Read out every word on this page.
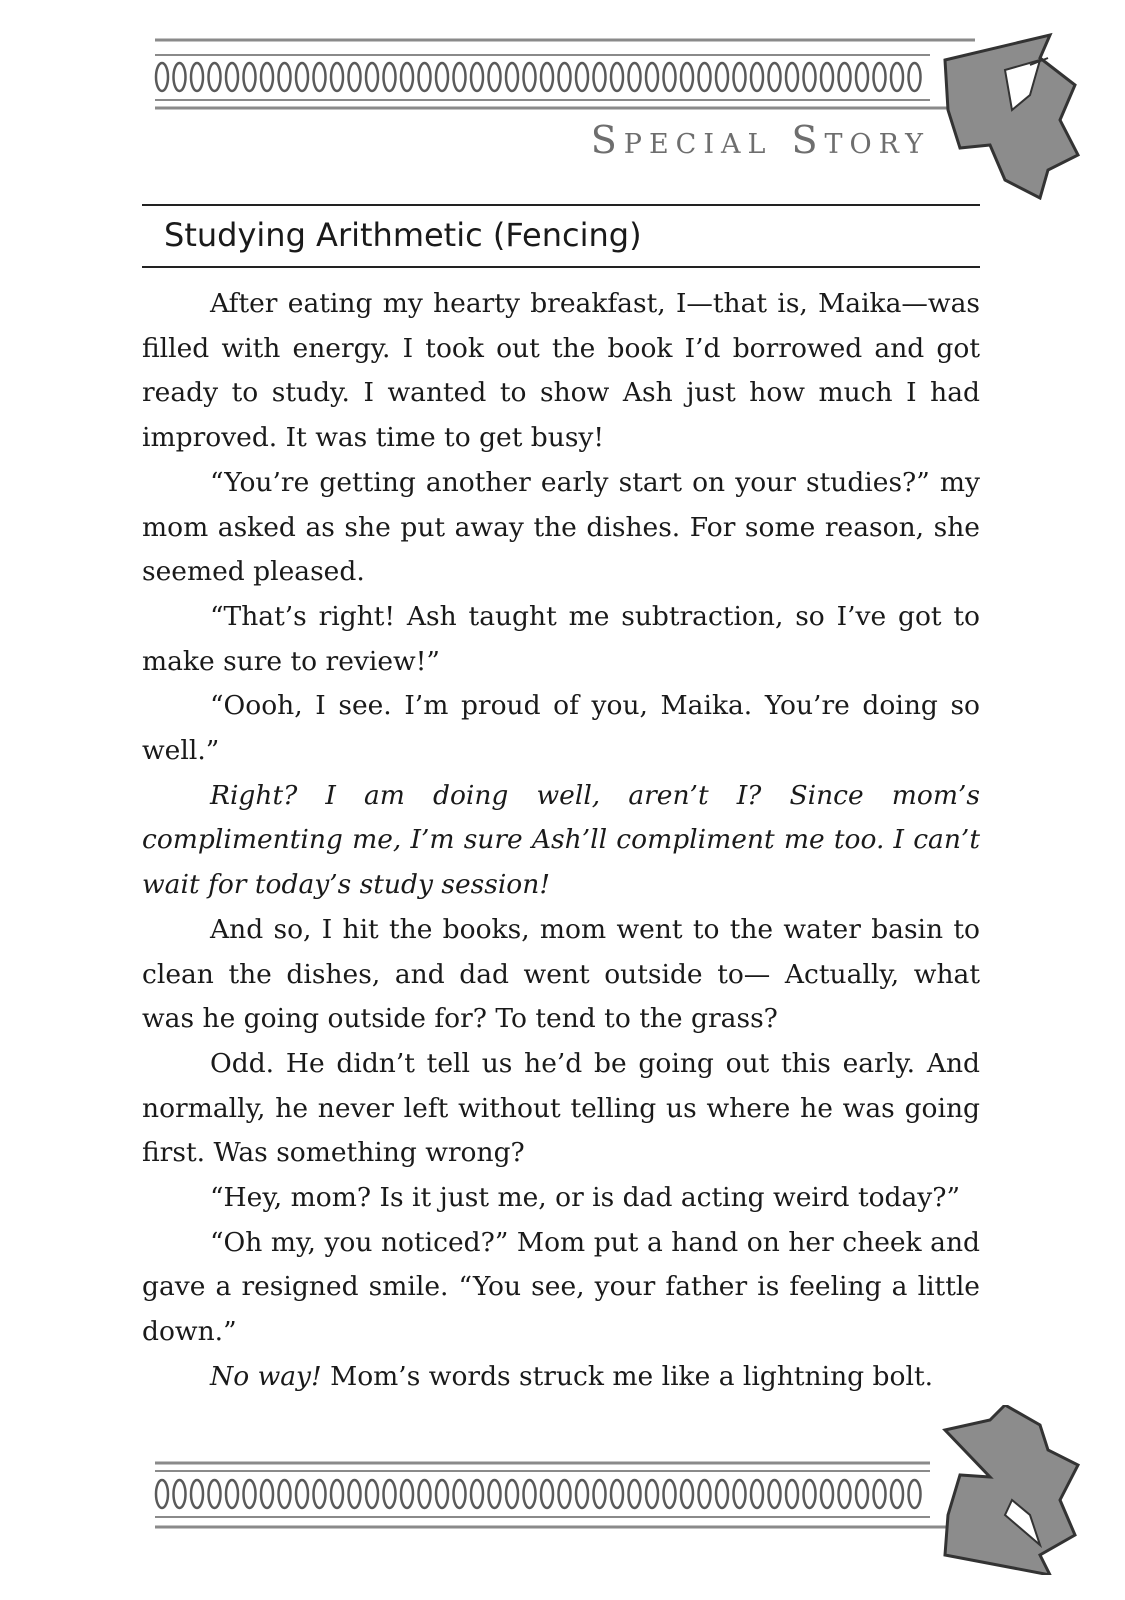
Special Story
Studying Arithmetic (Fencing)

After eating my hearty breakfast, I—that is, Maika—was filled with energy. I took out the book I’d borrowed and got ready to study. I wanted to show Ash just how much I had improved. It was time to get busy!

“You’re getting another early start on your studies?” my mom asked as she put away the dishes. For some reason, she seemed pleased.

“That’s right! Ash taught me subtraction, so I’ve got to make sure to review!”

“Oooh, I see. I’m proud of you, Maika. You’re doing so well.”

Right? I am doing well, aren’t I? Since mom’s complimenting me, I’m sure Ash’ll compliment me too. I can’t wait for today’s study session!

And so, I hit the books, mom went to the water basin to clean the dishes, and dad went outside to— Actually, what was he going outside for? To tend to the grass?

Odd. He didn’t tell us he’d be going out this early. And normally, he never left without telling us where he was going first. Was something wrong?

“Hey, mom? Is it just me, or is dad acting weird today?”

“Oh my, you noticed?” Mom put a hand on her cheek and gave a resigned smile. “You see, your father is feeling a little down.”

No way! Mom’s words struck me like a lightning bolt.
